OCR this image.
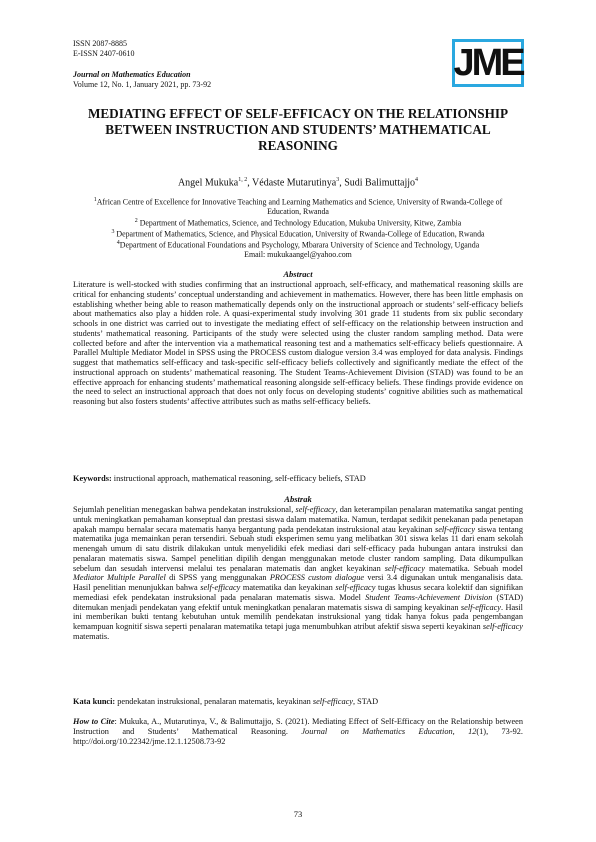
ISSN 2087-8885
E-ISSN 2407-0610
Journal on Mathematics Education
Volume 12, No. 1, January 2021, pp. 73-92
JME
MEDIATING EFFECT OF SELF-EFFICACY ON THE RELATIONSHIP
BETWEEN INSTRUCTION AND STUDENTS’ MATHEMATICAL
REASONING
Angel Mukuka$^{1, 2}$, Védaste Mutarutinya$^3$, Sudi Balimuttajjo$^4$
$^1$African Centre of Excellence for Innovative Teaching and Learning Mathematics and Science, University of Rwanda-College of Education, Rwanda
$^2$ Department of Mathematics, Science, and Technology Education, Mukuba University, Kitwe, Zambia
$^3$ Department of Mathematics, Science, and Physical Education, University of Rwanda-College of Education, Rwanda
$^4$Department of Educational Foundations and Psychology, Mbarara University of Science and Technology, Uganda
Email: mukukaangel@yahoo.com
Abstract
Literature is well-stocked with studies confirming that an instructional approach, self-efficacy, and mathematical reasoning skills are critical for enhancing students’ conceptual understanding and achievement in mathematics. However, there has been little emphasis on establishing whether being able to reason mathematically depends only on the instructional approach or students’ self-efficacy beliefs about mathematics also play a hidden role. A quasi-experimental study involving 301 grade 11 students from six public secondary schools in one district was carried out to investigate the mediating effect of self-efficacy on the relationship between instruction and students’ mathematical reasoning. Participants of the study were selected using the cluster random sampling method. Data were collected before and after the intervention via a mathematical reasoning test and a mathematics self-efficacy beliefs questionnaire. A Parallel Multiple Mediator Model in SPSS using the PROCESS custom dialogue version 3.4 was employed for data analysis. Findings suggest that mathematics self-efficacy and task-specific self-efficacy beliefs collectively and significantly mediate the effect of the instructional approach on students’ mathematical reasoning. The Student Teams-Achievement Division (STAD) was found to be an effective approach for enhancing students’ mathematical reasoning alongside self-efficacy beliefs. These findings provide evidence on the need to select an instructional approach that does not only focus on developing students’ cognitive abilities such as mathematical reasoning but also fosters students’ affective attributes such as maths self-efficacy beliefs.
Keywords: instructional approach, mathematical reasoning, self-efficacy beliefs, STAD
Abstrak
Sejumlah penelitian menegaskan bahwa pendekatan instruksional, self-efficacy, dan keterampilan penalaran matematika sangat penting untuk meningkatkan pemahaman konseptual dan prestasi siswa dalam matematika. Namun, terdapat sedikit penekanan pada penetapan apakah mampu bernalar secara matematis hanya bergantung pada pendekatan instruksional atau keyakinan self-efficacy siswa tentang matematika juga memainkan peran tersendiri. Sebuah studi eksperimen semu yang melibatkan 301 siswa kelas 11 dari enam sekolah menengah umum di satu distrik dilakukan untuk menyelidiki efek mediasi dari self-efficacy pada hubungan antara instruksi dan penalaran matematis siswa. Sampel penelitian dipilih dengan menggunakan metode cluster random sampling. Data dikumpulkan sebelum dan sesudah intervensi melalui tes penalaran matematis dan angket keyakinan self-efficacy matematika. Sebuah model Mediator Multiple Parallel di SPSS yang menggunakan PROCESS custom dialogue versi 3.4 digunakan untuk menganalisis data. Hasil penelitian menunjukkan bahwa self-efficacy matematika dan keyakinan self-efficacy tugas khusus secara kolektif dan signifikan memediasi efek pendekatan instruksional pada penalaran matematis siswa. Model Student Teams-Achievement Division (STAD) ditemukan menjadi pendekatan yang efektif untuk meningkatkan penalaran matematis siswa di samping keyakinan self-efficacy. Hasil ini memberikan bukti tentang kebutuhan untuk memilih pendekatan instruksional yang tidak hanya fokus pada pengembangan kemampuan kognitif siswa seperti penalaran matematika tetapi juga menumbuhkan atribut afektif siswa seperti keyakinan self-efficacy matematis.
Kata kunci: pendekatan instruksional, penalaran matematis, keyakinan self-efficacy, STAD
How to Cite: Mukuka, A., Mutarutinya, V., & Balimuttajjo, S. (2021). Mediating Effect of Self-Efficacy on the Relationship between Instruction and Students’ Mathematical Reasoning. Journal on Mathematics Education, 12(1), 73-92. http://doi.org/10.22342/jme.12.1.12508.73-92
73
